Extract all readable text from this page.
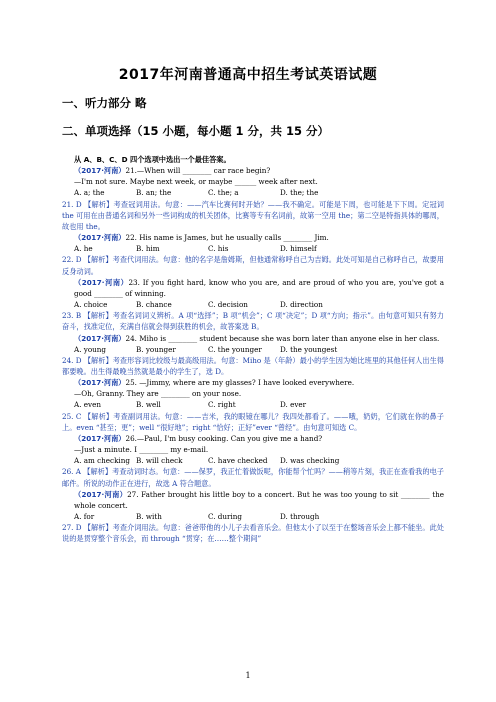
2017年河南普通高中招生考试英语试题
一、听力部分 略
二、单项选择（15 小题，每小题 1 分，共 15 分）

从 A、B、C、D 四个选项中选出一个最佳答案。

（2017·河南）21.—When will ________ car race begin?

—I'm not sure. Maybe next week, or maybe ______ week after next.

A. a; the	B. an; the	C. the; a	D. the; the

21. D 【解析】考查冠词用法。句意：——汽车比赛何时开始？——我不确定。可能是下周，也可能是下下周。定冠词 the 可用在由普通名词和另外一些词构成的机关团体，比赛等专有名词前，故第一空用 the；第二空是特指具体的哪周，故也用 the。

（2017·河南）22. His name is James, but he usually calls ________ Jim.

A. he	B. him	C. his	D. himself

22. D 【解析】考查代词用法。句意：他的名字是詹姆斯，但他通常称呼自己为吉姆。此处可知是自己称呼自己，故要用反身动词。

（2017·河南）23. If you fight hard, know who you are, and are proud of who you are, you've got a good ________ of winning.

A. choice	B. chance	C. decision	D. direction

23. B 【解析】考查名词词义辨析。A 项“选择”；B 项“机会”；C 项“决定”；D 项“方向；指示”。由句意可知只有努力奋斗，找准定位，充满自信就会得到获胜的机会，故答案选 B。

（2017·河南）24. Miho is ________ student because she was born later than anyone else in her class.

A. young	B. younger	C. the younger	D. the youngest

24. D 【解析】考查形容词比较级与最高级用法。句意：Miho 是（年龄）最小的学生因为她比班里的其他任何人出生得都要晚。出生得最晚当然就是最小的学生了，选 D。

（2017·河南）25. —Jimmy, where are my glasses? I have looked everywhere.

—Oh, Granny. They are ________ on your nose.

A. even	B. well	C. right	D. ever

25. C 【解析】考查副词用法。句意：——吉米，我的眼镜在哪儿？我四处都看了。——哦，奶奶，它们就在你的鼻子上。even “甚至；更”；well “很好地”；right “恰好；正好”ever “曾经”。由句意可知选 C。

（2017·河南）26.—Paul, I'm busy cooking. Can you give me a hand?

—Just a minute. I ________ my e-mail.

A. am checking B. will check	C. have checked	D. was checking

26. A 【解析】考查动词时态。句意：——保罗，我正忙着做饭呢，你能帮个忙吗？——稍等片刻，我正在查看我的电子邮件。所说的动作正在进行，故选 A 符合题意。

（2017·河南）27. Father brought his little boy to a concert. But he was too young to sit ________ the whole concert.

A. for	B. with	C. during	D. through

27. D 【解析】考查介词用法。句意：爸爸带他的小儿子去看音乐会。但他太小了以至于在整场音乐会上都不能坐。此处说的是贯穿整个音乐会，而 through “贯穿；在……整个期间”

1
